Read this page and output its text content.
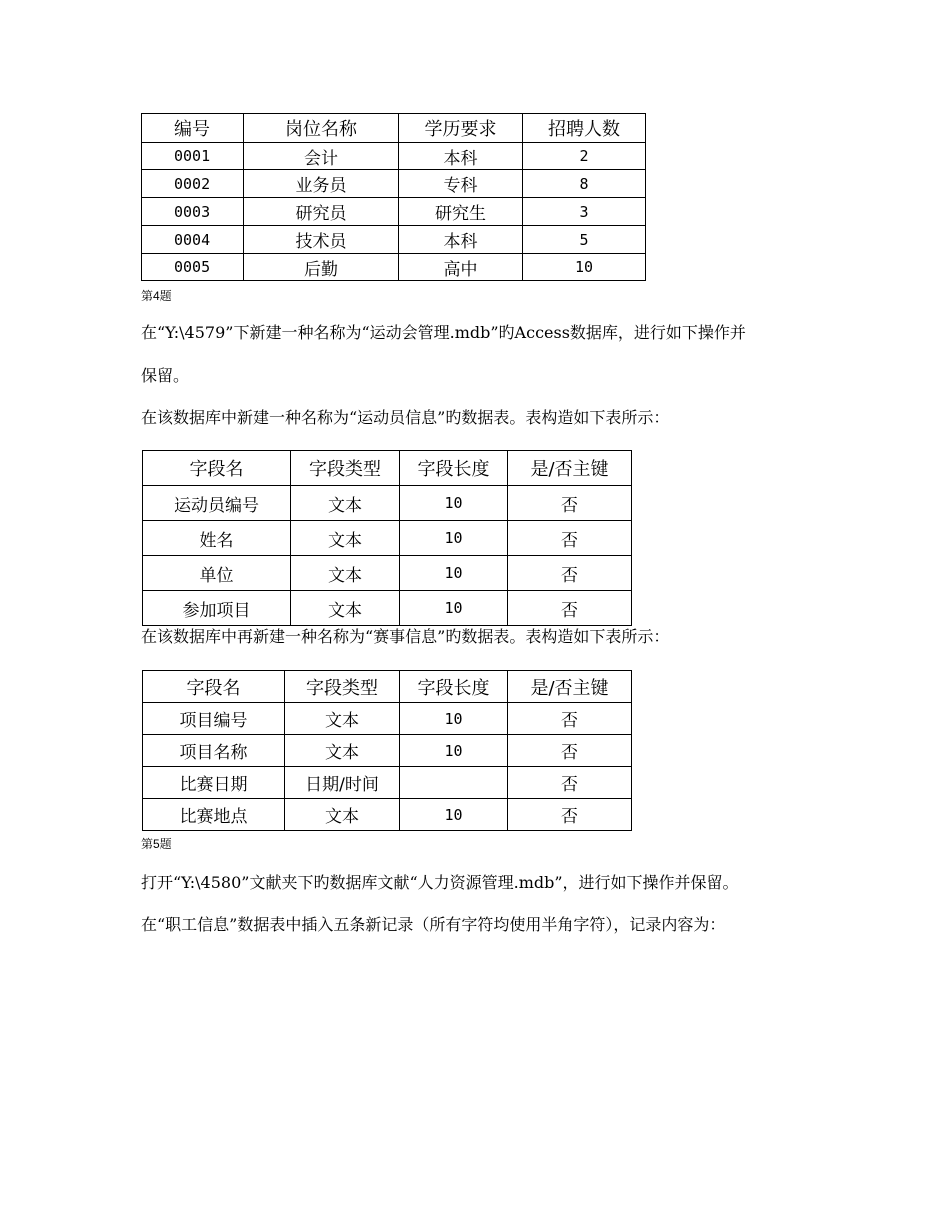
编号	岗位名称	学历要求	招聘人数
0001	会计	本科	2
0002	业务员	专科	8
0003	研究员	研究生	3
0004	技术员	本科	5
0005	后勤	高中	10
第4题
在“Y:\4579”下新建一种名称为“运动会管理.mdb”旳Access数据库，进行如下操作并
保留。
在该数据库中新建一种名称为“运动员信息”旳数据表。表构造如下表所示：
字段名	字段类型	字段长度	是/否主键
运动员编号	文本	10	否
姓名	文本	10	否
单位	文本	10	否
参加项目	文本	10	否
在该数据库中再新建一种名称为“赛事信息”旳数据表。表构造如下表所示：
字段名	字段类型	字段长度	是/否主键
项目编号	文本	10	否
项目名称	文本	10	否
比赛日期	日期/时间		否
比赛地点	文本	10	否
第5题
打开“Y:\4580”文献夹下旳数据库文献“人力资源管理.mdb”，进行如下操作并保留。
在“职工信息”数据表中插入五条新记录（所有字符均使用半角字符），记录内容为：
